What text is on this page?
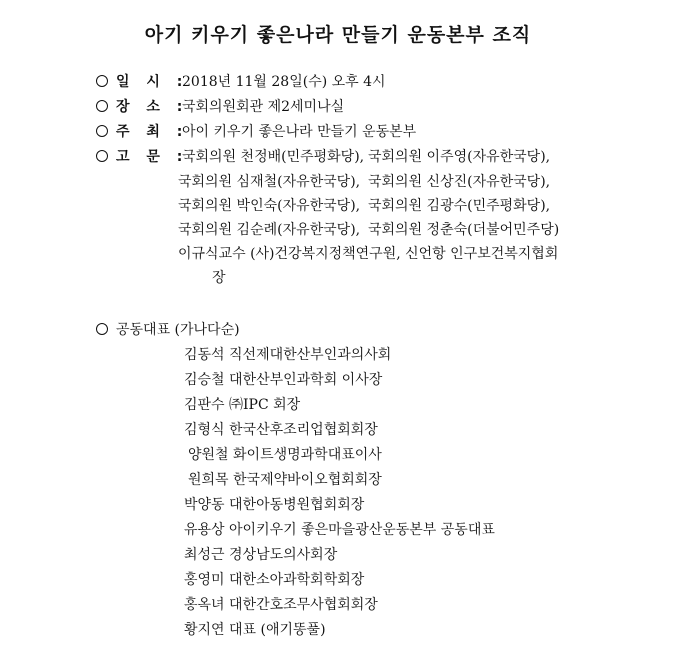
아기 키우기 좋은나라 만들기 운동본부 조직
일 시 :2018년 11월 28일(수) 오후 4시
장 소 :국회의원회관 제2세미나실
주 최 :아이 키우기 좋은나라 만들기 운동본부
고 문 :국회의원 천정배(민주평화당), 국회의원 이주영(자유한국당),
국회의원 심재철(자유한국당), 국회의원 신상진(자유한국당),
국회의원 박인숙(자유한국당), 국회의원 김광수(민주평화당),
국회의원 김순례(자유한국당), 국회의원 정춘숙(더불어민주당)
이규식교수 (사)건강복지정책연구원, 신언항 인구보건복지협회
장
공동대표 (가나다순)
김동석 직선제대한산부인과의사회
김승철 대한산부인과학회 이사장
김판수 ㈜IPC 회장
김형식 한국산후조리업협회회장
양원철 화이트생명과학대표이사
원희목 한국제약바이오협회회장
박양동 대한아동병원협회회장
유용상 아이키우기 좋은마을광산운동본부 공동대표
최성근 경상남도의사회장
홍영미 대한소아과학회학회장
홍옥녀 대한간호조무사협회회장
황지연 대표 (애기똥풀)
